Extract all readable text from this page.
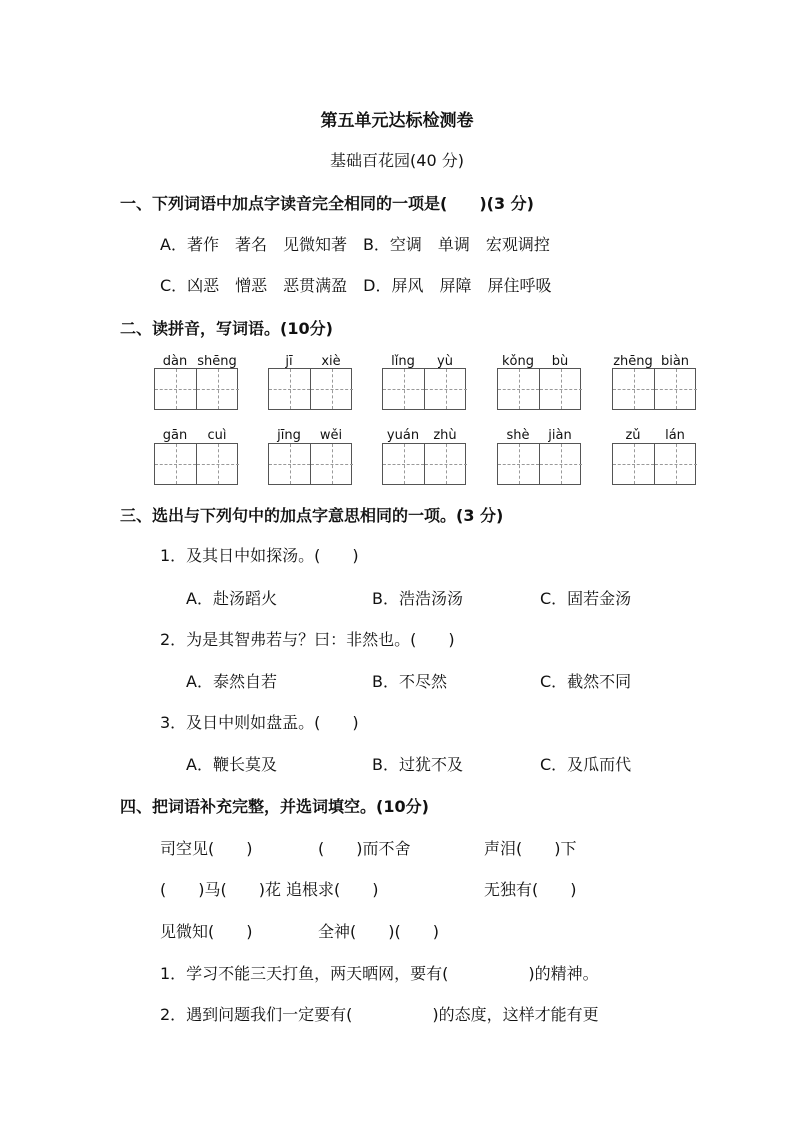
第五单元达标检测卷
基础百花园(40 分)
一、下列词语中加点字读音完全相同的一项是(　　)(3 分)
A．著作　著名　见微知著　B．空调　单调　宏观调控
C．凶恶　憎恶　恶贯满盈　D．屏风　屏障　屏住呼吸
二、读拼音，写词语。(10分)
dàn shēng	jī xiè	lǐng yù	kǒng bù	zhēng biàn
gān cuì	jīng wěi	yuán zhù	shè jiàn	zǔ lán
三、选出与下列句中的加点字意思相同的一项。(3 分)
1．及其日中如探汤。(　　)
A．赴汤蹈火	B．浩浩汤汤	C．固若金汤
2．为是其智弗若与？曰：非然也。(　　)
A．泰然自若	B．不尽然	C．截然不同
3．及日中则如盘盂。(　　)
A．鞭长莫及	B．过犹不及	C．及瓜而代
四、把词语补充完整，并选词填空。(10分)
司空见(　　)	(　　)而不舍	声泪(　　)下
(　　)马(　　)花 追根求(　　)	无独有(　　)
见微知(　　)	全神(　　)(　　)
1．学习不能三天打鱼，两天晒网，要有(　　　　　)的精神。
2．遇到问题我们一定要有(　　　　　)的态度，这样才能有更
